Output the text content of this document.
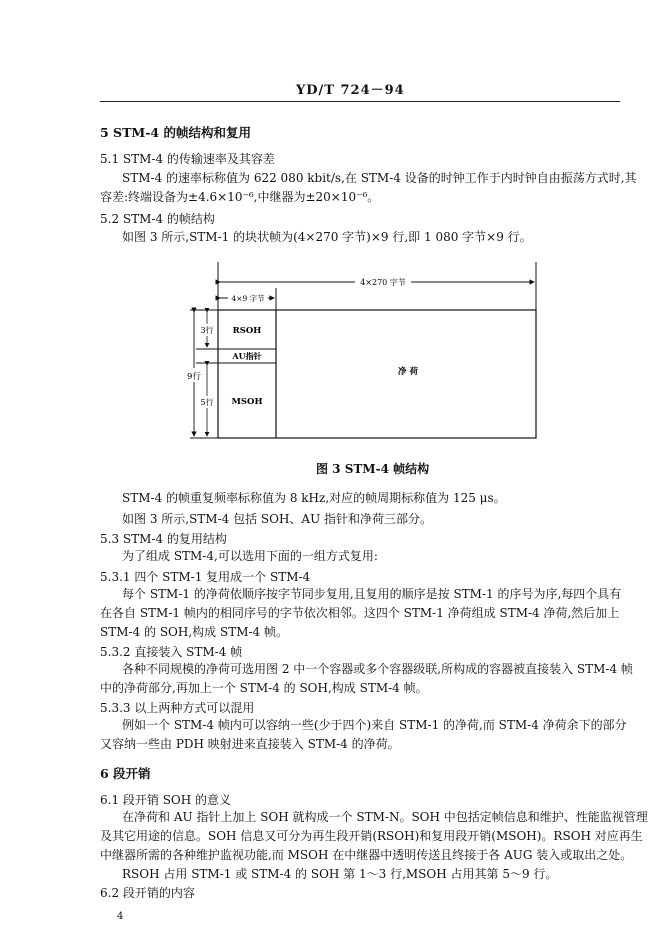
YD/T 724－94
5 STM-4 的帧结构和复用
5.1 STM-4 的传输速率及其容差
STM-4 的速率标称值为 622 080 kbit/s,在 STM-4 设备的时钟工作于内时钟自由振荡方式时,其
容差:终端设备为±4.6×10⁻⁶,中继器为±20×10⁻⁶。
5.2 STM-4 的帧结构
如图 3 所示,STM-1 的块状帧为(4×270 字节)×9 行,即 1 080 字节×9 行。
4×270 字节
4×9 字节
9行
3行
5行
RSOH
AU指针
MSOH
净 荷
图 3 STM-4 帧结构
STM-4 的帧重复频率标称值为 8 kHz,对应的帧周期标称值为 125 μs。
如图 3 所示,STM-4 包括 SOH、AU 指针和净荷三部分。
5.3 STM-4 的复用结构
为了组成 STM-4,可以选用下面的一组方式复用:
5.3.1 四个 STM-1 复用成一个 STM-4
每个 STM-1 的净荷依顺序按字节同步复用,且复用的顺序是按 STM-1 的序号为序,每四个具有
在各自 STM-1 帧内的相同序号的字节依次相邻。这四个 STM-1 净荷组成 STM-4 净荷,然后加上
STM-4 的 SOH,构成 STM-4 帧。
5.3.2 直接装入 STM-4 帧
各种不同规模的净荷可选用图 2 中一个容器或多个容器级联,所构成的容器被直接装入 STM-4 帧
中的净荷部分,再加上一个 STM-4 的 SOH,构成 STM-4 帧。
5.3.3 以上两种方式可以混用
例如一个 STM-4 帧内可以容纳一些(少于四个)来自 STM-1 的净荷,而 STM-4 净荷余下的部分
又容纳一些由 PDH 映射进来直接装入 STM-4 的净荷。
6 段开销
6.1 段开销 SOH 的意义
在净荷和 AU 指针上加上 SOH 就构成一个 STM-N。SOH 中包括定帧信息和维护、性能监视管理
及其它用途的信息。SOH 信息又可分为再生段开销(RSOH)和复用段开销(MSOH)。RSOH 对应再生
中继器所需的各种维护监视功能,而 MSOH 在中继器中透明传送且终接于各 AUG 装入或取出之处。
RSOH 占用 STM-1 或 STM-4 的 SOH 第 1～3 行,MSOH 占用其第 5～9 行。
6.2 段开销的内容
4
